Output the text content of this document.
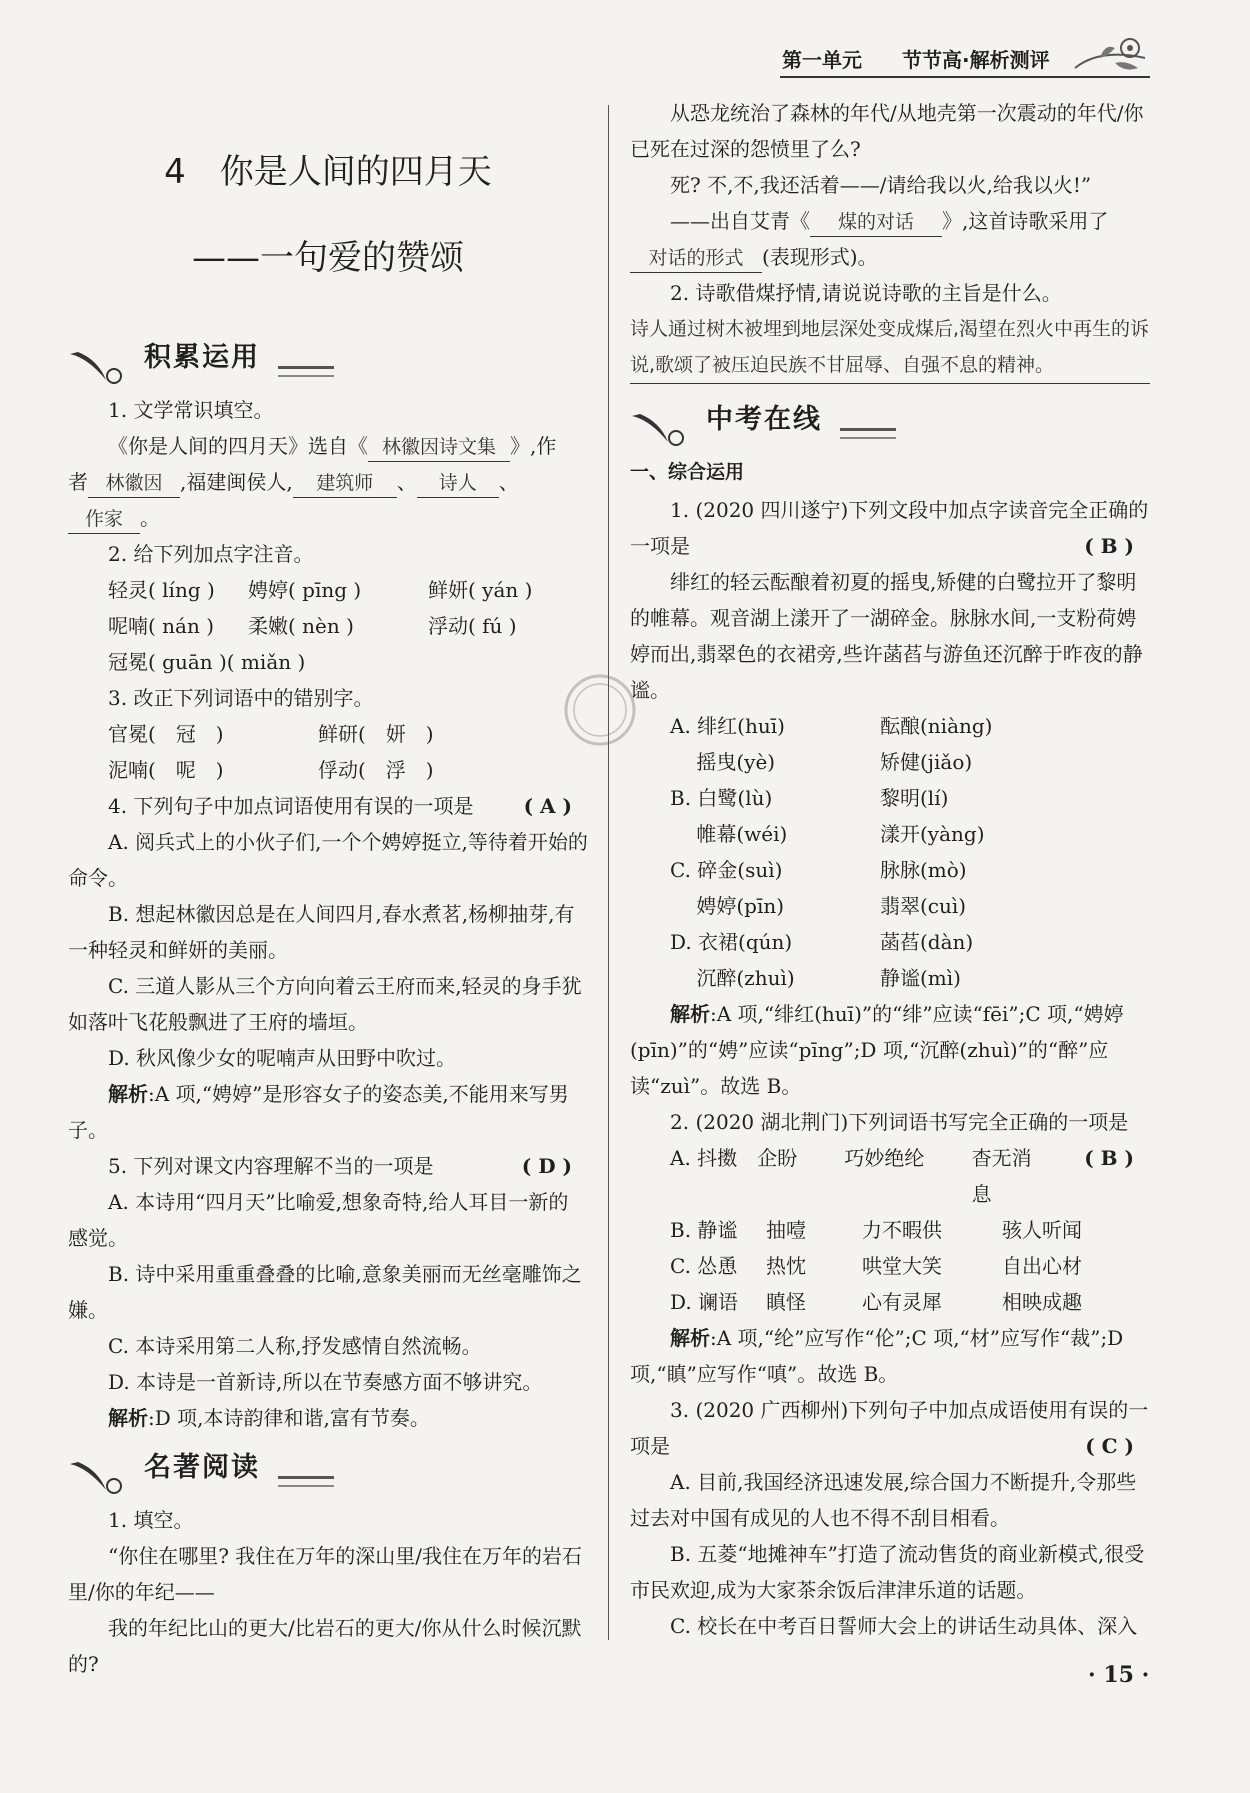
第一单元 节节高·解析测评
4　你是人间的四月天
——一句爱的赞颂
积累运用

1. 文学常识填空。

《你是人间的四月天》选自《 林徽因诗文集 》,作

者 林徽因 ,福建闽侯人, 建筑师 、 诗人 、

作家 。

2. 给下列加点字注音。

轻灵( líng )	娉婷( pīng )	鲜妍( yán )
呢喃( nán )	柔嫩( nèn )	浮动( fú )
冠冕( guān )( miǎn )

3. 改正下列词语中的错别字。

官冕(　冠　)	鲜研(　妍　)
泥喃(　呢　)	俘动(　浮　)

4. 下列句子中加点词语使用有误的一项是	( A )

A. 阅兵式上的小伙子们,一个个娉婷挺立,等待着开始的命令。

B. 想起林徽因总是在人间四月,春水煮茗,杨柳抽芽,有一种轻灵和鲜妍的美丽。

C. 三道人影从三个方向向着云王府而来,轻灵的身手犹如落叶飞花般飘进了王府的墙垣。

D. 秋风像少女的呢喃声从田野中吹过。

解析:A 项,“娉婷”是形容女子的姿态美,不能用来写男子。

5. 下列对课文内容理解不当的一项是	( D )

A. 本诗用“四月天”比喻爱,想象奇特,给人耳目一新的感觉。

B. 诗中采用重重叠叠的比喻,意象美丽而无丝毫雕饰之嫌。

C. 本诗采用第二人称,抒发感情自然流畅。

D. 本诗是一首新诗,所以在节奏感方面不够讲究。

解析:D 项,本诗韵律和谐,富有节奏。

名著阅读

1. 填空。

“你住在哪里? 我住在万年的深山里/我住在万年的岩石里/你的年纪——

我的年纪比山的更大/比岩石的更大/你从什么时候沉默的?

从恐龙统治了森林的年代/从地壳第一次震动的年代/你已死在过深的怨愤里了么?

死? 不,不,我还活着——/请给我以火,给我以火!”

——出自艾青《 煤的对话 》,这首诗歌采用了

对话的形式 (表现形式)。

2. 诗歌借煤抒情,请说说诗歌的主旨是什么。

诗人通过树木被埋到地层深处变成煤后,渴望在烈火中再生的诉说,歌颂了被压迫民族不甘屈辱、自强不息的精神。

中考在线

一、综合运用

1. (2020 四川遂宁)下列文段中加点字读音完全正确的一项是	( B )

绯红的轻云酝酿着初夏的摇曳,矫健的白鹭拉开了黎明的帷幕。观音湖上漾开了一湖碎金。脉脉水间,一支粉荷娉婷而出,翡翠色的衣裙旁,些许菡萏与游鱼还沉醉于昨夜的静谧。

A. 绯红(huī)	酝酿(niàng)
　 摇曳(yè)	矫健(jiǎo)
B. 白鹭(lù)	黎明(lí)
　 帷幕(wéi)	漾开(yàng)
C. 碎金(suì)	脉脉(mò)
　 娉婷(pīn)	翡翠(cuì)
D. 衣裙(qún)	菡萏(dàn)
　 沉醉(zhuì)	静谧(mì)

解析:A 项,“绯红(huī)”的“绯”应读“fēi”;C 项,“娉婷(pīn)”的“娉”应读“pīng”;D 项,“沉醉(zhuì)”的“醉”应读“zuì”。故选 B。

2. (2020 湖北荆门)下列词语书写完全正确的一项是
( B )

A. 抖擞	企盼	巧妙绝纶	杳无消息
B. 静谧	抽噎	力不暇供	骇人听闻
C. 怂恿	热忱	哄堂大笑	自出心材
D. 谰语	瞋怪	心有灵犀	相映成趣

解析:A 项,“纶”应写作“伦”;C 项,“材”应写作“裁”;D 项,“瞋”应写作“嗔”。故选 B。

3. (2020 广西柳州)下列句子中加点成语使用有误的一项是	( C )

A. 目前,我国经济迅速发展,综合国力不断提升,令那些过去对中国有成见的人也不得不刮目相看。

B. 五菱“地摊神车”打造了流动售货的商业新模式,很受市民欢迎,成为大家茶余饭后津津乐道的话题。

C. 校长在中考百日誓师大会上的讲话生动具体、深入

· 15 ·
